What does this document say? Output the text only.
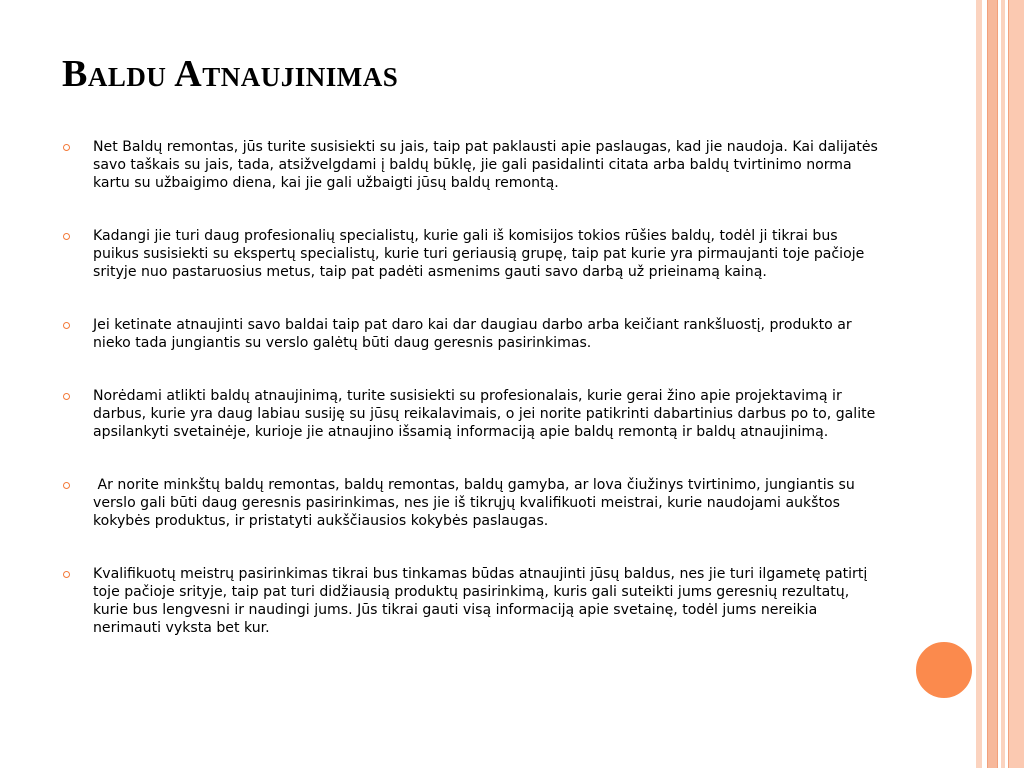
Baldu Atnaujinimas
Net Baldų remontas, jūs turite susisiekti su jais, taip pat paklausti apie paslaugas, kad jie naudoja. Kai dalijatės savo taškais su jais, tada, atsižvelgdami į baldų būklę, jie gali pasidalinti citata arba baldų tvirtinimo norma kartu su užbaigimo diena, kai jie gali užbaigti jūsų baldų remontą.
Kadangi jie turi daug profesionalių specialistų, kurie gali iš komisijos tokios rūšies baldų, todėl ji tikrai bus puikus susisiekti su ekspertų specialistų, kurie turi geriausią grupę, taip pat kurie yra pirmaujanti toje pačioje srityje nuo pastaruosius metus, taip pat padėti asmenims gauti savo darbą už prieinamą kainą.
Jei ketinate atnaujinti savo baldai taip pat daro kai dar daugiau darbo arba keičiant rankšluostį, produkto ar nieko tada jungiantis su verslo galėtų būti daug geresnis pasirinkimas.
Norėdami atlikti baldų atnaujinimą, turite susisiekti su profesionalais, kurie gerai žino apie projektavimą ir darbus, kurie yra daug labiau susiję su jūsų reikalavimais, o jei norite patikrinti dabartinius darbus po to, galite apsilankyti svetainėje, kurioje jie atnaujino išsamią informaciją apie baldų remontą ir baldų atnaujinimą.
Ar norite minkštų baldų remontas, baldų remontas, baldų gamyba, ar lova čiužinys tvirtinimo, jungiantis su verslo gali būti daug geresnis pasirinkimas, nes jie iš tikrųjų kvalifikuoti meistrai, kurie naudojami aukštos kokybės produktus, ir pristatyti aukščiausios kokybės paslaugas.
Kvalifikuotų meistrų pasirinkimas tikrai bus tinkamas būdas atnaujinti jūsų baldus, nes jie turi ilgametę patirtį toje pačioje srityje, taip pat turi didžiausią produktų pasirinkimą, kuris gali suteikti jums geresnių rezultatų, kurie bus lengvesni ir naudingi jums. Jūs tikrai gauti visą informaciją apie svetainę, todėl jums nereikia nerimauti vyksta bet kur.
